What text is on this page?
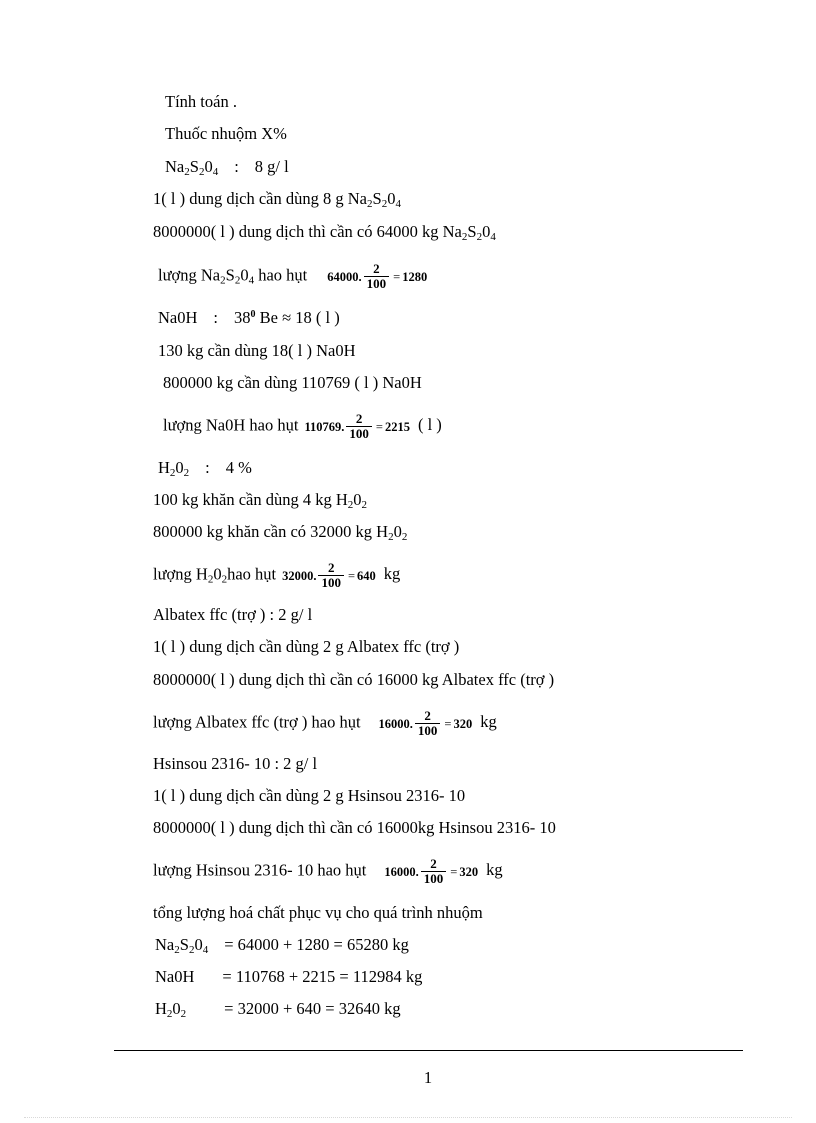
Tính toán .
Thuốc nhuộm X%
$Na_2S_20_4$ : 8 g/ l
1( l ) dung dịch cần dùng 8 g $Na_2S_20_4$
8000000( l ) dung dịch thì cần có 64000 kg $Na_2S_20_4$
lượng $Na_2S_20_4$ hao hụt 64000. $\frac{2}{100} = 1280$
Na0H : $38^0$ Be ≈ 18 ( l )
130 kg cần dùng 18( l ) Na0H
800000 kg cần dùng 110769 ( l ) Na0H
lượng Na0H hao hụt 110769. $\frac{2}{100} = 2215$ ( l )
$H_20_2$ : 4 %
100 kg khăn cần dùng 4 kg $H_20_2$
800000 kg khăn cần có 32000 kg $H_20_2$
lượng $H_20_2hao$ hụt 32000. $\frac{2}{100} = 640$ kg
Albatex ffc (trợ ) : 2 g/ l
1( l ) dung dịch cần dùng 2 g Albatex ffc (trợ )
8000000( l ) dung dịch thì cần có 16000 kg Albatex ffc (trợ )
lượng Albatex ffc (trợ ) hao hụt 16000. $\frac{2}{100} = 320$ kg
Hsinsou 2316- 10 : 2 g/ l
1( l ) dung dịch cần dùng 2 g Hsinsou 2316- 10
8000000( l ) dung dịch thì cần có 16000kg Hsinsou 2316- 10
lượng Hsinsou 2316- 10 hao hụt 16000. $\frac{2}{100} = 320$ kg
tổng lượng hoá chất phục vụ cho quá trình nhuộm
$Na_2S_20_4 = 64000 + 1280 = 65280$ kg
Na0H = 110768 + 2215 = 112984 kg
$H_20_2 = 32000 + 640 = 32640$ kg
1
